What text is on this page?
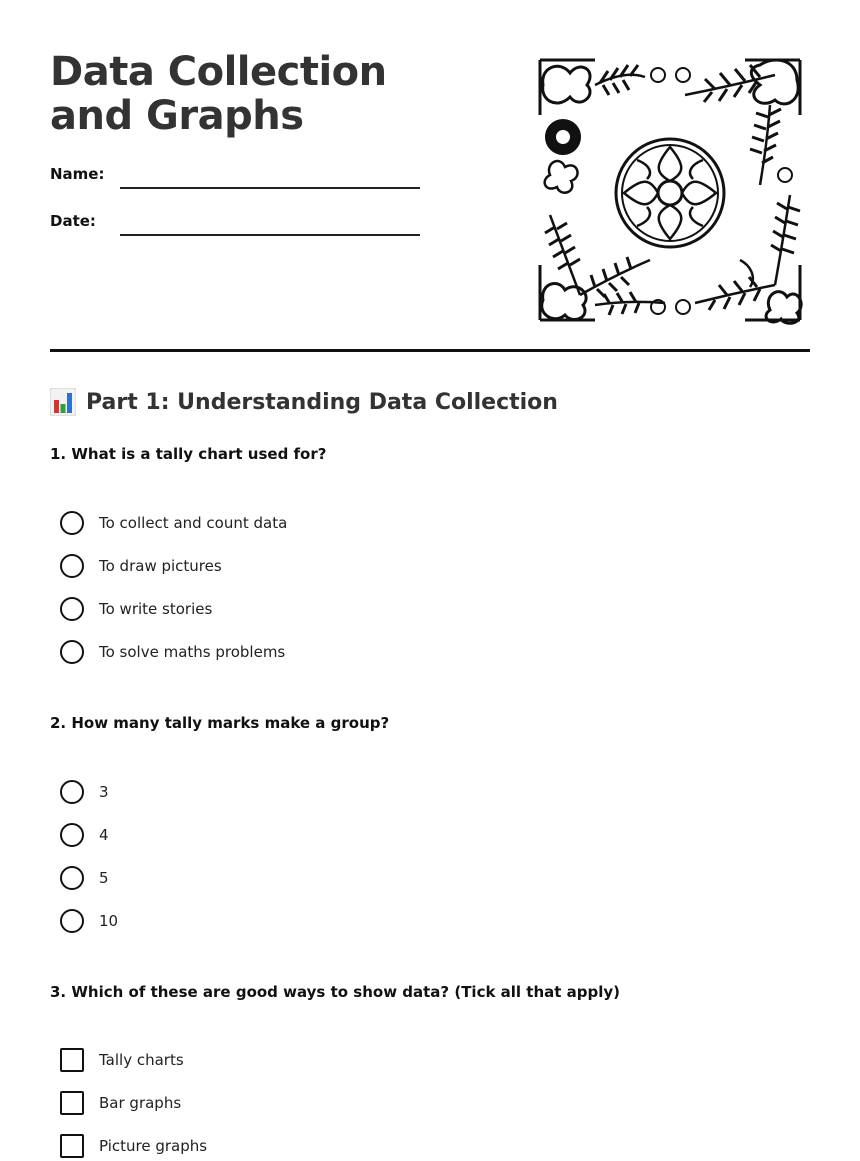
Data Collection and Graphs
Name:
Date:
Part 1: Understanding Data Collection

1. What is a tally chart used for?

To collect and count data
To draw pictures
To write stories
To solve maths problems

2. How many tally marks make a group?

3
4
5
10

3. Which of these are good ways to show data? (Tick all that apply)

Tally charts
Bar graphs
Picture graphs
